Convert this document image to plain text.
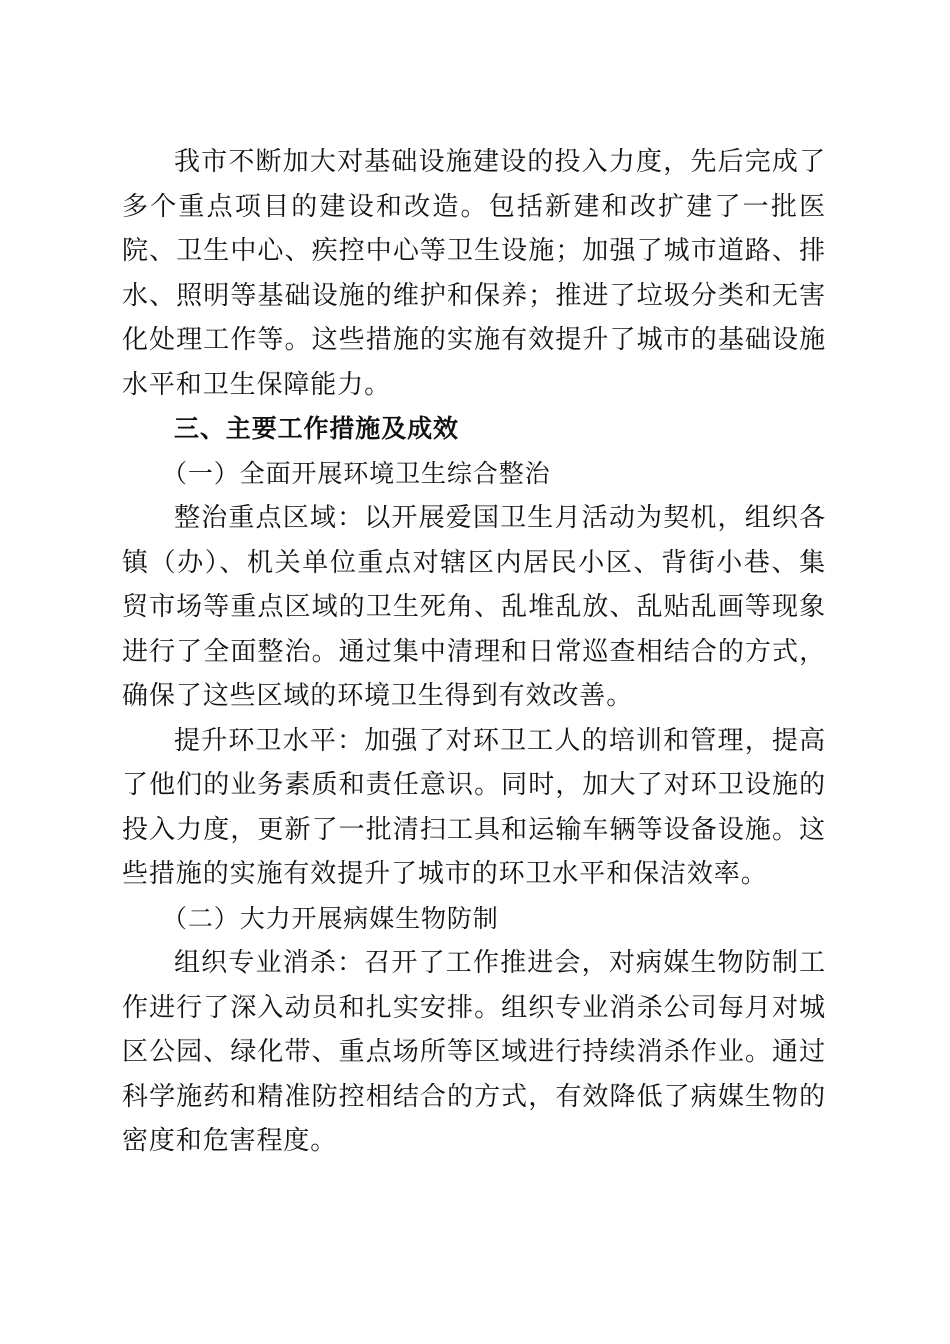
我市不断加大对基础设施建设的投入力度，先后完成了多个重点项目的建设和改造。包括新建和改扩建了一批医院、卫生中心、疾控中心等卫生设施；加强了城市道路、排水、照明等基础设施的维护和保养；推进了垃圾分类和无害化处理工作等。这些措施的实施有效提升了城市的基础设施水平和卫生保障能力。

三、主要工作措施及成效

（一）全面开展环境卫生综合整治

整治重点区域：以开展爱国卫生月活动为契机，组织各镇（办）、机关单位重点对辖区内居民小区、背街小巷、集贸市场等重点区域的卫生死角、乱堆乱放、乱贴乱画等现象进行了全面整治。通过集中清理和日常巡查相结合的方式，确保了这些区域的环境卫生得到有效改善。

提升环卫水平：加强了对环卫工人的培训和管理，提高了他们的业务素质和责任意识。同时，加大了对环卫设施的投入力度，更新了一批清扫工具和运输车辆等设备设施。这些措施的实施有效提升了城市的环卫水平和保洁效率。

（二）大力开展病媒生物防制

组织专业消杀：召开了工作推进会，对病媒生物防制工作进行了深入动员和扎实安排。组织专业消杀公司每月对城区公园、绿化带、重点场所等区域进行持续消杀作业。通过科学施药和精准防控相结合的方式，有效降低了病媒生物的密度和危害程度。
